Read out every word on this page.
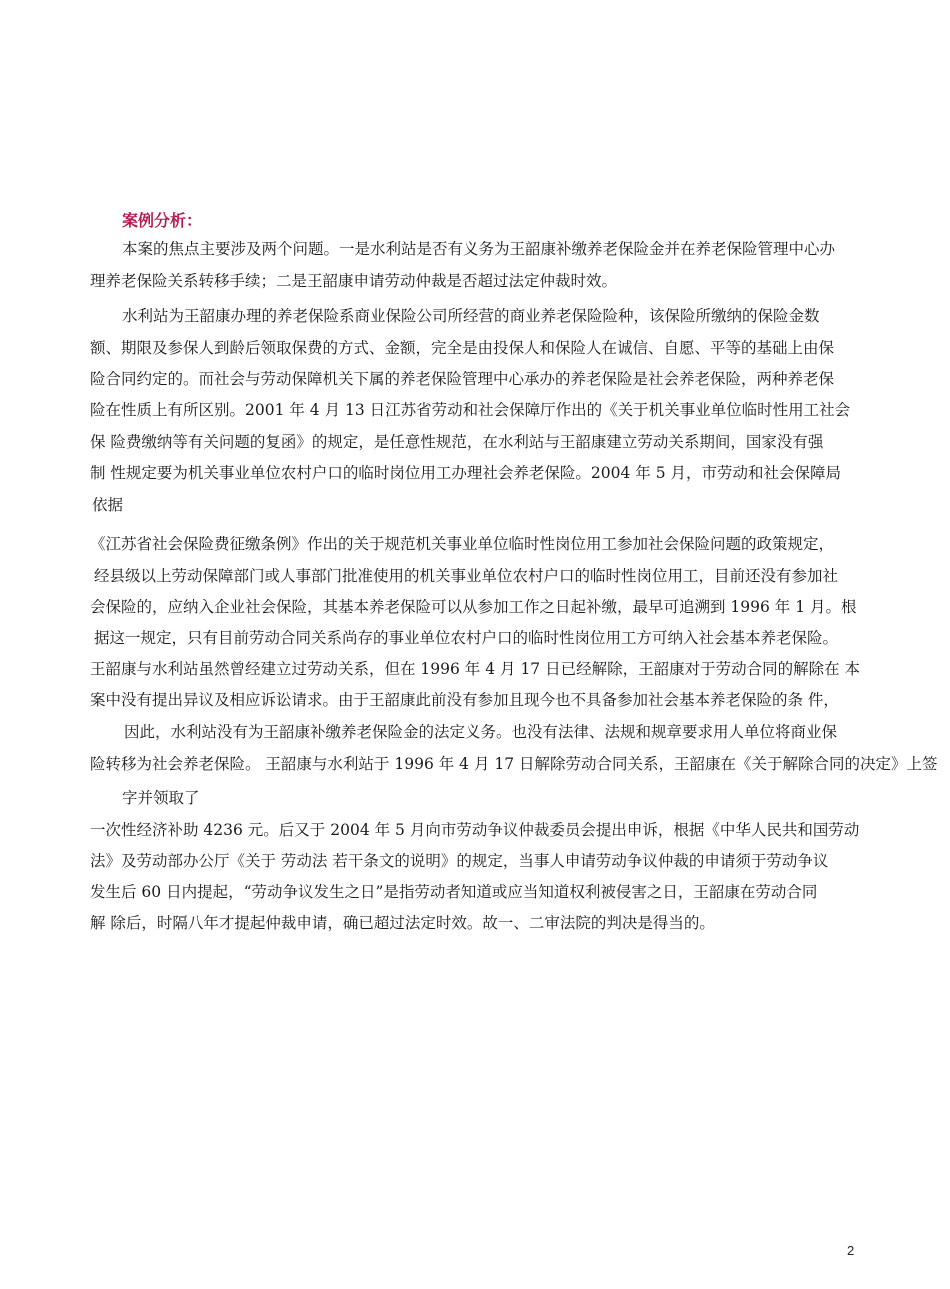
案例分析：
本案的焦点主要涉及两个问题。一是水利站是否有义务为王韶康补缴养老保险金并在养老保险管理中心办
理养老保险关系转移手续；二是王韶康申请劳动仲裁是否超过法定仲裁时效。
水利站为王韶康办理的养老保险系商业保险公司所经营的商业养老保险险种，该保险所缴纳的保险金数
额、期限及参保人到龄后领取保费的方式、金额，完全是由投保人和保险人在诚信、自愿、平等的基础上由保
险合同约定的。而社会与劳动保障机关下属的养老保险管理中心承办的养老保险是社会养老保险，两种养老保
险在性质上有所区别。2001 年 4 月 13 日江苏省劳动和社会保障厅作出的《关于机关事业单位临时性用工社会
保 险费缴纳等有关问题的复函》的规定，是任意性规范，在水利站与王韶康建立劳动关系期间，国家没有强
制 性规定要为机关事业单位农村户口的临时岗位用工办理社会养老保险。2004 年 5 月，市劳动和社会保障局
依据
《江苏省社会保险费征缴条例》作出的关于规范机关事业单位临时性岗位用工参加社会保险问题的政策规定，
经县级以上劳动保障部门或人事部门批准使用的机关事业单位农村户口的临时性岗位用工，目前还没有参加社
会保险的，应纳入企业社会保险，其基本养老保险可以从参加工作之日起补缴，最早可追溯到 1996 年 1 月。根
据这一规定，只有目前劳动合同关系尚存的事业单位农村户口的临时性岗位用工方可纳入社会基本养老保险。
王韶康与水利站虽然曾经建立过劳动关系，但在 1996 年 4 月 17 日已经解除，王韶康对于劳动合同的解除在 本
案中没有提出异议及相应诉讼请求。由于王韶康此前没有参加且现今也不具备参加社会基本养老保险的条 件，
因此，水利站没有为王韶康补缴养老保险金的法定义务。也没有法律、法规和规章要求用人单位将商业保
险转移为社会养老保险。 王韶康与水利站于 1996 年 4 月 17 日解除劳动合同关系，王韶康在《关于解除合同的决定》上签
字并领取了
一次性经济补助 4236 元。后又于 2004 年 5 月向市劳动争议仲裁委员会提出申诉，根据《中华人民共和国劳动
法》及劳动部办公厅《关于 劳动法 若干条文的说明》的规定，当事人申请劳动争议仲裁的申请须于劳动争议
发生后 60 日内提起，“劳动争议发生之日”是指劳动者知道或应当知道权利被侵害之日，王韶康在劳动合同
解 除后，时隔八年才提起仲裁申请，确已超过法定时效。故一、二审法院的判决是得当的。
2
